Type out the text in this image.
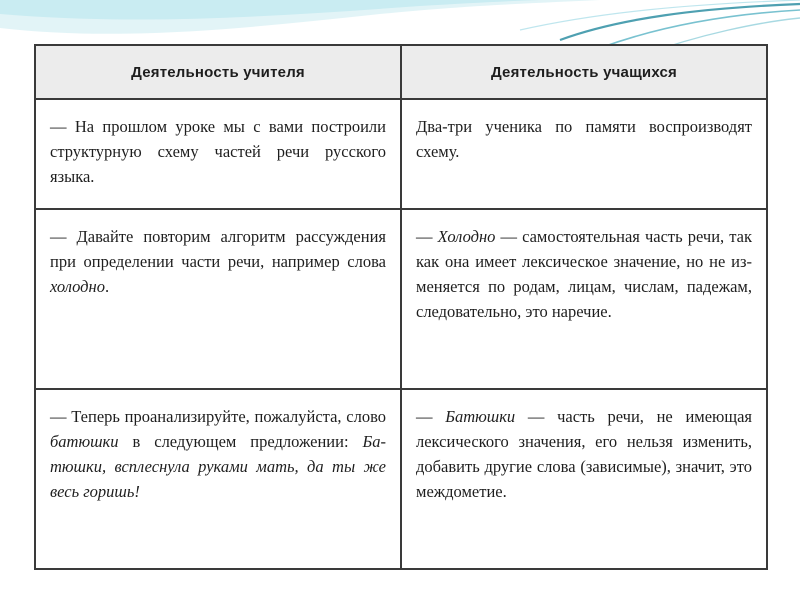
Деятельность учителя	Деятельность учащихся

— На прошлом уроке мы с вами построили структурную схему частей речи русского языка.	Два-три ученика по памяти воспроизводят схему.

— Давайте повторим алгоритм рассуждения при определении части речи, например слова холодно.	— Холодно — самостоятельная часть речи, так как она имеет лексическое значение, но не изменяется по родам, лицам, числам, падежам, следовательно, это наречие.

— Теперь проанализируйте, пожалуйста, слово батюшки в следующем предложении: Батюшки, всплеснула руками мать, да ты же весь горишь!	— Батюшки — часть речи, не имеющая лексического значения, его нельзя изменить, добавить другие слова (зависимые), значит, это междометие.
